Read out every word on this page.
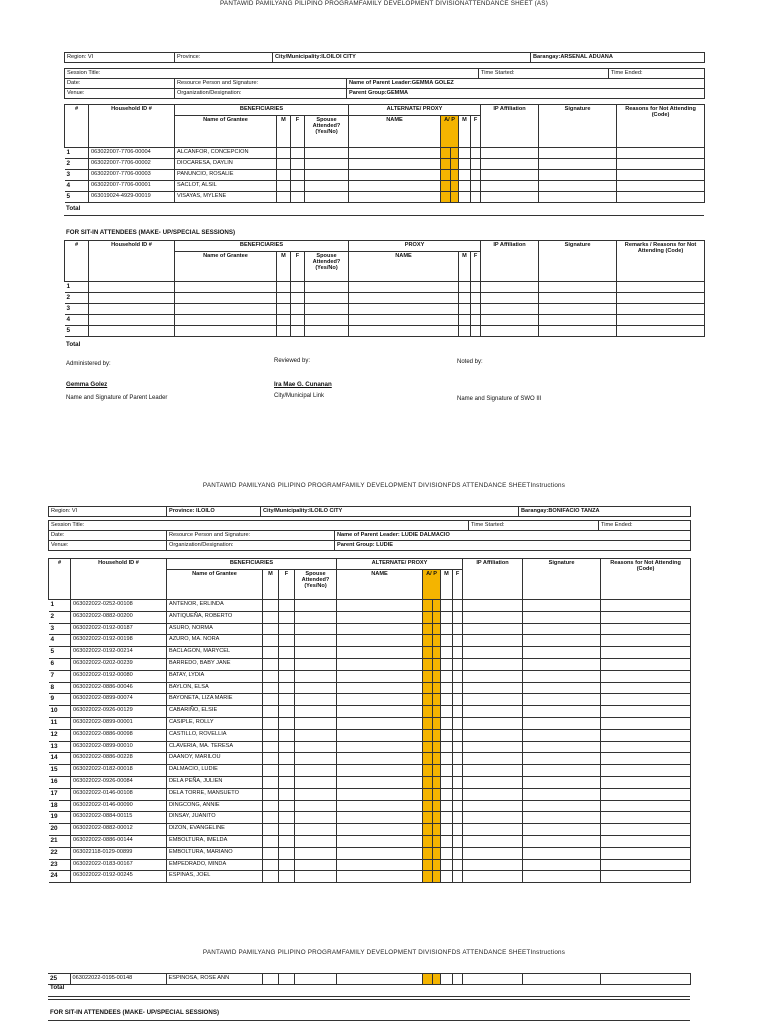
PANTAWID PAMILYANG PILIPINO PROGRAMFAMILY DEVELOPMENT DIVISIONATTENDANCE SHEET (AS)
Region: VI	Province:	City/Municipality:ILOILOI CITY	Barangay:ARSENAL ADUANA
Session Title:			Time Started:	Time Ended:
Date:	Resource Person and Signature:	Name of Parent Leader:GEMMA GOLEZ		
Venue:	Organization/Designation:	Parent Group:GEMMA		
#	Household ID #	BENEFICIARIES				ALTERNATE/ PROXY					IP Affiliation	Signature	Reasons for Not Attending (Code)
		Name of Grantee	M	F	Spouse Attended? (Yes/No)	NAME	A/ P		M	F			
1	063022007-7706-00004	ALCANFOR, CONCEPCION											
2	063022007-7706-00002	DIOCARESA, DAYLIN											
3	063022007-7706-00003	PANUNCIO, ROSALIE											
4	063022007-7706-00001	SACLOT, ALSIL											
5	063019024-4929-00019	VISAYAS, MYLENE											
Total
FOR SIT-IN ATTENDEES (MAKE- UP/SPECIAL SESSIONS)
#	Household ID #	BENEFICIARIES				PROXY			IP Affiliation	Signature	Remarks / Reasons for Not Attending (Code)
		Name of Grantee	M	F	Spouse Attended? (Yes/No)	NAME	M	F			
1											
2											
3											
4											
5											
Total
Administered by:	Reviewed by:	Noted by:
Gemma Golez	Ira Mae G. Cunanan
Name and Signature of Parent Leader	City/Municipal Link	Name and Signature of SWO III
PANTAWID PAMILYANG PILIPINO PROGRAMFAMILY DEVELOPMENT DIVISIONFDS ATTENDANCE SHEETInstructions
Region: VI	Province: ILOILO	City/Municipality:ILOILO CITY	Barangay:BONIFACIO TANZA
Session Title:			Time Started:	Time Ended:
Date:	Resource Person and Signature:	Name of Parent Leader: LUDIE DALMACIO		
Venue:	Organization/Designation:	Parent Group: LUDIE		
#	Household ID #	BENEFICIARIES				ALTERNATE/ PROXY					IP Affiliation	Signature	Reasons for Not Attending (Code)
		Name of Grantee	M	F	Spouse Attended? (Yes/No)	NAME	A/ P		M	F			
1	063022022-0252-00108	ANTENOR, ERLINDA											
2	063022022-0882-00200	ANTIQUEÑA, ROBERTO											
3	063022022-0192-00187	ASURO, NORMA											
4	063022022-0192-00198	AZURO, MA. NORA											
5	063022022-0192-00214	BACLAGON, MARYCEL											
6	063022022-0202-00239	BARREDO, BABY JANE											
7	063022022-0192-00080	BATAY, LYDIA											
8	063022022-0886-00046	BAYLON, ELSA											
9	063022022-0899-00074	BAYONETA, LIZA MARIE											
10	063022022-0926-00129	CABARIÑO, ELSIE											
11	063022022-0899-00001	CASIPLE, ROLLY											
12	063022022-0886-00098	CASTILLO, ROVELLIA											
13	063022022-0899-00010	CLAVERIA, MA. TERESA											
14	063022022-0886-00228	DAANOY, MARILOU											
15	063022022-0182-00018	DALMACIO, LUDIE											
16	063022022-0926-00084	DELA PEÑA, JULIEN											
17	063022022-0146-00108	DELA TORRE, MANSUETO											
18	063022022-0146-00090	DINGCONG, ANNIE											
19	063022022-0884-00115	DINSAY, JUANITO											
20	063022022-0882-00012	DIZON, EVANGELINE											
21	063022022-0886-00144	EMBOLTURA, IMELDA											
22	063022118-0129-00899	EMBOLTURA, MARIANO											
23	063022022-0183-00167	EMPEDRADO, MINDA											
24	063022022-0192-00245	ESPINAS, JOEL											
PANTAWID PAMILYANG PILIPINO PROGRAMFAMILY DEVELOPMENT DIVISIONFDS ATTENDANCE SHEETInstructions
25	063022022-0195-00148	ESPINOSA, ROSE ANN											
Total
FOR SIT-IN ATTENDEES (MAKE- UP/SPECIAL SESSIONS)
